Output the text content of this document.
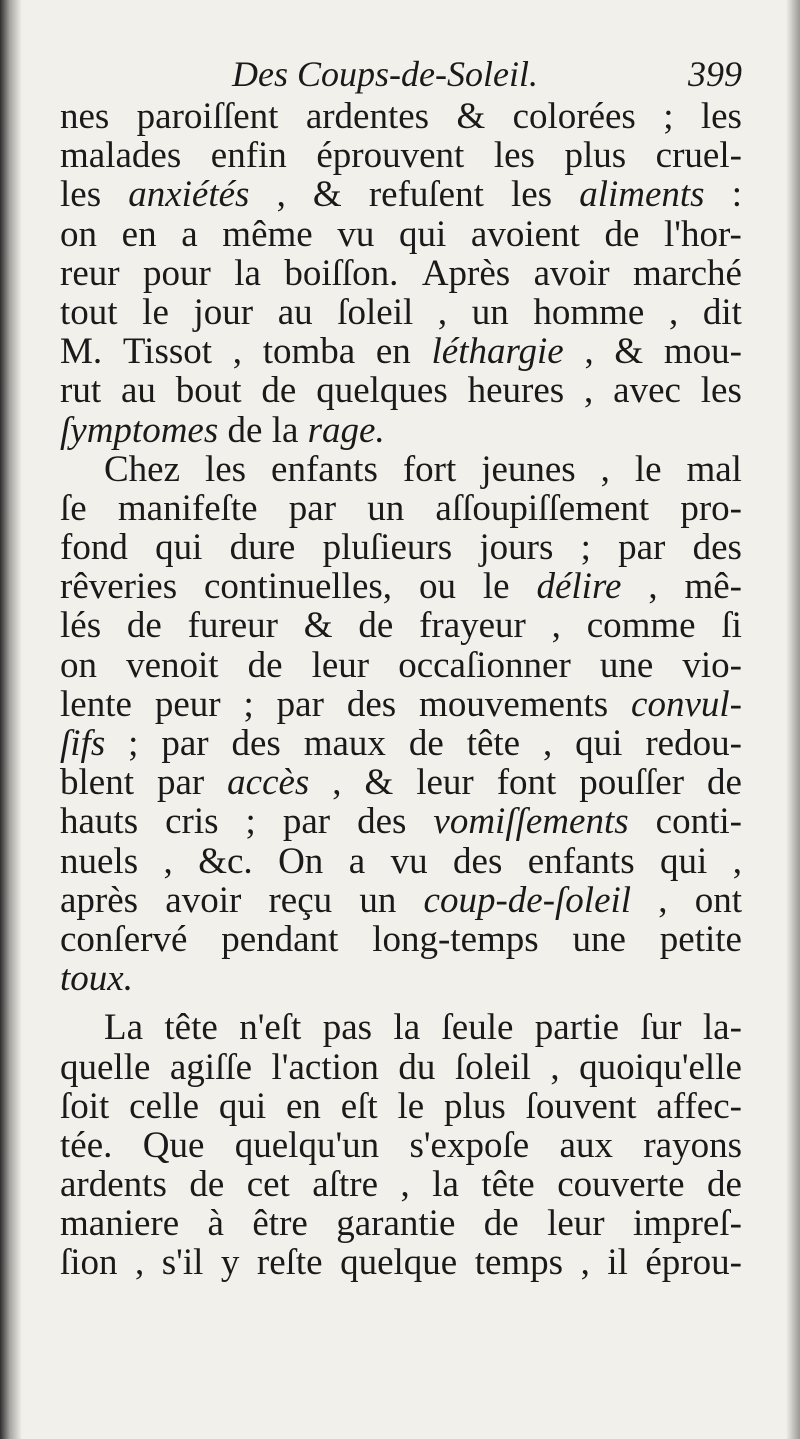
Des Coups-de-Soleil.	399
nes paroiſſent ardentes & colorées ; les
malades enfin éprouvent les plus cruel-
les anxiétés , & refuſent les aliments :
on en a même vu qui avoient de l'hor-
reur pour la boiſſon. Après avoir marché
tout le jour au ſoleil , un homme , dit
M. Tissot , tomba en léthargie , & mou-
rut au bout de quelques heures , avec les
ſymptomes de la rage.
Chez les enfants fort jeunes , le mal
ſe manifeſte par un aſſoupiſſement pro-
fond qui dure pluſieurs jours ; par des
rêveries continuelles, ou le délire , mê-
lés de fureur & de frayeur , comme ſi
on venoit de leur occaſionner une vio-
lente peur ; par des mouvements convul-
ſifs ; par des maux de tête , qui redou-
blent par accès , & leur font pouſſer de
hauts cris ; par des vomiſſements conti-
nuels , &c. On a vu des enfants qui ,
après avoir reçu un coup-de-ſoleil , ont
conſervé pendant long-temps une petite
toux.
La tête n'eſt pas la ſeule partie ſur la-
quelle agiſſe l'action du ſoleil , quoiqu'elle
ſoit celle qui en eſt le plus ſouvent affec-
tée. Que quelqu'un s'expoſe aux rayons
ardents de cet aſtre , la tête couverte de
maniere à être garantie de leur impreſ-
ſion , s'il y reſte quelque temps , il éprou-
